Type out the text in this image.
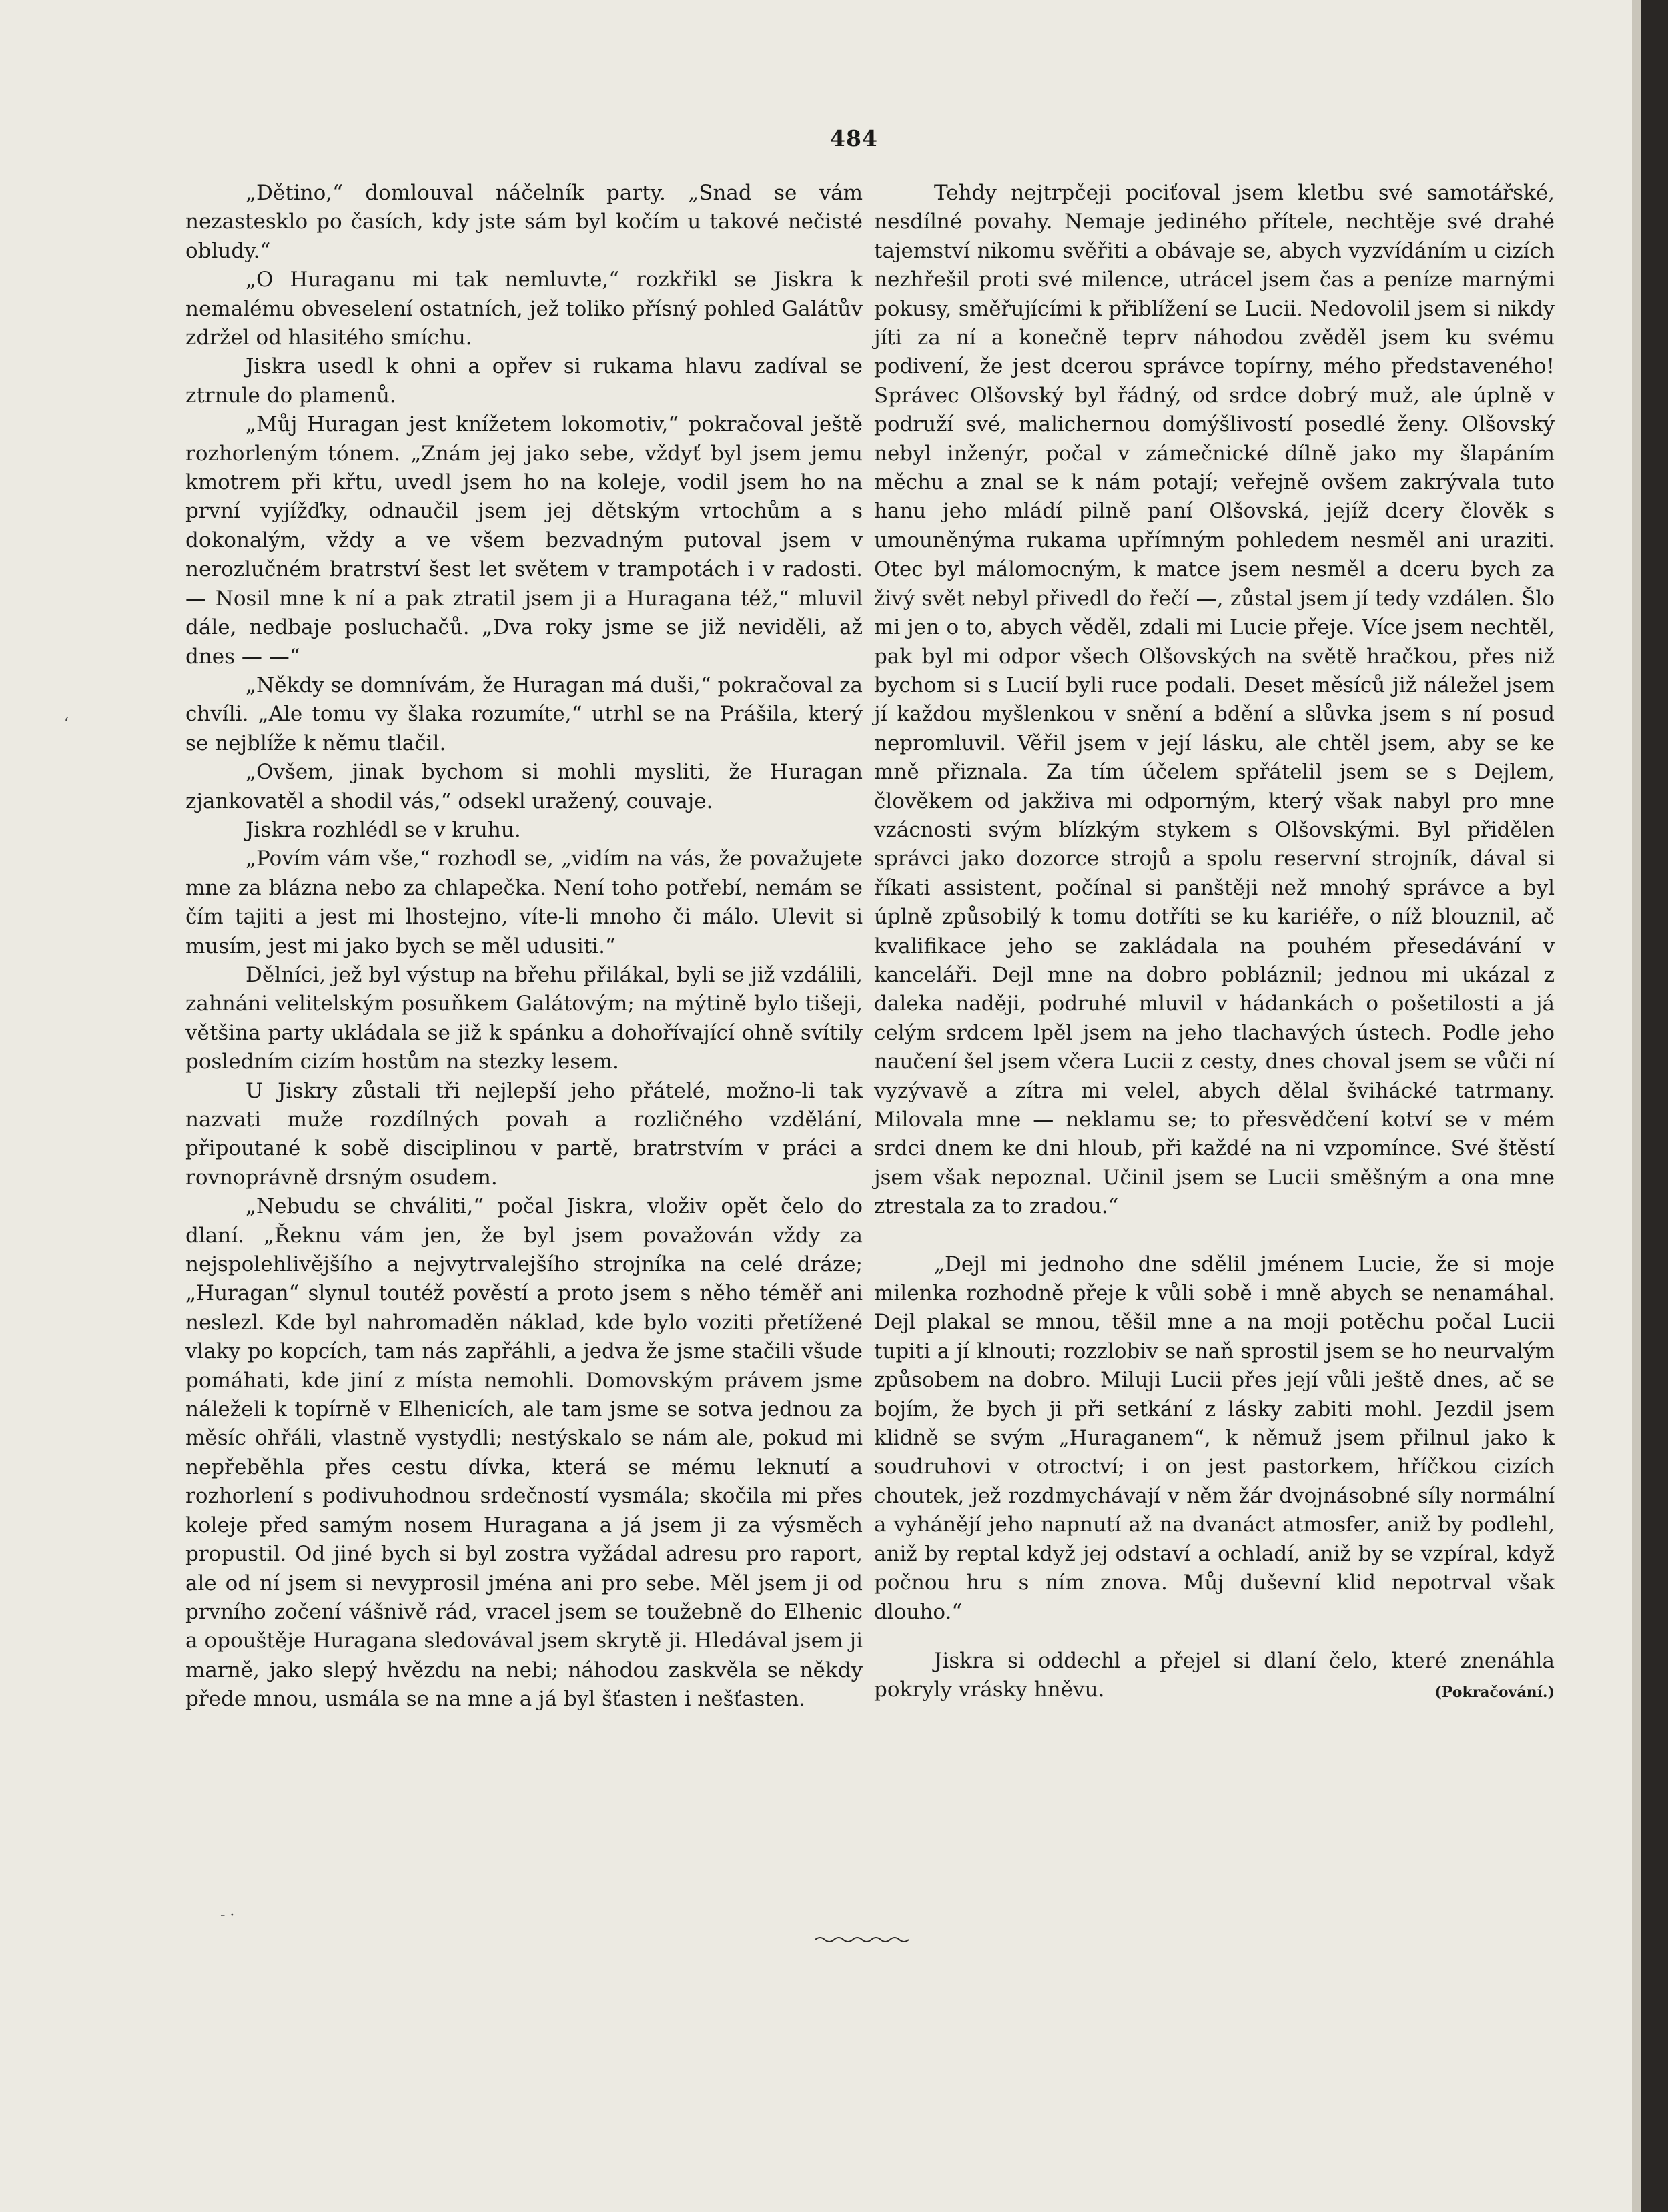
484

„Dětino,“ domlouval náčelník party. „Snad se vám nezastesklo po časích, kdy jste sám byl kočím u takové nečisté obludy.“

„O Huraganu mi tak nemluvte,“ rozkřikl se Jiskra k nemalému obveselení ostatních, jež toliko přísný pohled Galátův zdržel od hlasitého smíchu.

Jiskra usedl k ohni a opřev si rukama hlavu zadíval se ztrnule do plamenů.

„Můj Huragan jest knížetem lokomotiv,“ pokračoval ještě rozhorleným tónem. „Znám jej jako sebe, vždyť byl jsem jemu kmotrem při křtu, uvedl jsem ho na koleje, vodil jsem ho na první vyjížďky, odnaučil jsem jej dětským vrtochům a s dokonalým, vždy a ve všem bezvadným putoval jsem v nerozlučném bratrství šest let světem v trampotách i v radosti. — Nosil mne k ní a pak ztratil jsem ji a Huragana též,“ mluvil dále, nedbaje posluchačů. „Dva roky jsme se již neviděli, až dnes — —“

„Někdy se domnívám, že Huragan má duši,“ pokračoval za chvíli. „Ale tomu vy šlaka rozumíte,“ utrhl se na Prášila, který se nejblíže k němu tlačil.

„Ovšem, jinak bychom si mohli mysliti, že Huragan zjankovatěl a shodil vás,“ odsekl uražený, couvaje.

Jiskra rozhlédl se v kruhu.

„Povím vám vše,“ rozhodl se, „vidím na vás, že považujete mne za blázna nebo za chlapečka. Není toho potřebí, nemám se čím tajiti a jest mi lhostejno, víte-li mnoho či málo. Ulevit si musím, jest mi jako bych se měl udusiti.“

Dělníci, jež byl výstup na břehu přilákal, byli se již vzdálili, zahnáni velitelským posuňkem Galátovým; na mýtině bylo tišeji, většina party ukládala se již k spánku a dohořívající ohně svítily posledním cizím hostům na stezky lesem.

U Jiskry zůstali tři nejlepší jeho přátelé, možno-li tak nazvati muže rozdílných povah a rozličného vzdělání, připoutané k sobě disciplinou v partě, bratrstvím v práci a rovnoprávně drsným osudem.

„Nebudu se chváliti,“ počal Jiskra, vloživ opět čelo do dlaní. „Řeknu vám jen, že byl jsem považován vždy za nejspolehlivějšího a nejvytrvalejšího strojníka na celé dráze; „Huragan“ slynul toutéž pověstí a proto jsem s něho téměř ani neslezl. Kde byl nahromaděn náklad, kde bylo voziti přetížené vlaky po kopcích, tam nás zapřáhli, a jedva že jsme stačili všude pomáhati, kde jiní z místa nemohli. Domovským právem jsme náleželi k topírně v Elhenicích, ale tam jsme se sotva jednou za měsíc ohřáli, vlastně vystydli; nestýskalo se nám ale, pokud mi nepřeběhla přes cestu dívka, která se mému leknutí a rozhorlení s podivuhodnou srdečností vysmála; skočila mi přes koleje před samým nosem Huragana a já jsem ji za výsměch propustil. Od jiné bych si byl zostra vyžádal adresu pro raport, ale od ní jsem si nevyprosil jména ani pro sebe. Měl jsem ji od prvního zočení vášnivě rád, vracel jsem se toužebně do Elhenic a opouštěje Huragana sledovával jsem skrytě ji. Hledával jsem ji marně, jako slepý hvězdu na nebi; náhodou zaskvěla se někdy přede mnou, usmála se na mne a já byl šťasten i nešťasten.

Tehdy nejtrpčeji pociťoval jsem kletbu své samotářské, nesdílné povahy. Nemaje jediného přítele, nechtěje své drahé tajemství nikomu svěřiti a obávaje se, abych vyzvídáním u cizích nezhřešil proti své milence, utrácel jsem čas a peníze marnými pokusy, směřujícími k přiblížení se Lucii. Nedovolil jsem si nikdy jíti za ní a konečně teprv náhodou zvěděl jsem ku svému podivení, že jest dcerou správce topírny, mého představeného! Správec Olšovský byl řádný, od srdce dobrý muž, ale úplně v podruží své, malichernou domýšlivostí posedlé ženy. Olšovský nebyl inženýr, počal v zámečnické dílně jako my šlapáním měchu a znal se k nám potají; veřejně ovšem zakrývala tuto hanu jeho mládí pilně paní Olšovská, jejíž dcery člověk s umouněnýma rukama upřímným pohledem nesměl ani uraziti. Otec byl málomocným, k matce jsem nesměl a dceru bych za živý svět nebyl přivedl do řečí —, zůstal jsem jí tedy vzdálen. Šlo mi jen o to, abych věděl, zdali mi Lucie přeje. Více jsem nechtěl, pak byl mi odpor všech Olšovských na světě hračkou, přes niž bychom si s Lucií byli ruce podali. Deset měsíců již náležel jsem jí každou myšlenkou v snění a bdění a slůvka jsem s ní posud nepromluvil. Věřil jsem v její lásku, ale chtěl jsem, aby se ke mně přiznala. Za tím účelem spřátelil jsem se s Dejlem, člověkem od jakživa mi odporným, který však nabyl pro mne vzácnosti svým blízkým stykem s Olšovskými. Byl přidělen správci jako dozorce strojů a spolu reservní strojník, dával si říkati assistent, počínal si panštěji než mnohý správce a byl úplně způsobilý k tomu dotříti se ku kariéře, o níž blouznil, ač kvalifikace jeho se zakládala na pouhém přesedávání v kanceláři. Dejl mne na dobro pobláznil; jednou mi ukázal z daleka naději, podruhé mluvil v hádankách o pošetilosti a já celým srdcem lpěl jsem na jeho tlachavých ústech. Podle jeho naučení šel jsem včera Lucii z cesty, dnes choval jsem se vůči ní vyzývavě a zítra mi velel, abych dělal švihácké tatrmany. Milovala mne — neklamu se; to přesvědčení kotví se v mém srdci dnem ke dni hloub, při každé na ni vzpomínce. Své štěstí jsem však nepoznal. Učinil jsem se Lucii směšným a ona mne ztrestala za to zradou.“

„Dejl mi jednoho dne sdělil jménem Lucie, že si moje milenka rozhodně přeje k vůli sobě i mně abych se nenamáhal. Dejl plakal se mnou, těšil mne a na moji potěchu počal Lucii tupiti a jí klnouti; rozzlobiv se naň sprostil jsem se ho neurvalým způsobem na dobro. Miluji Lucii přes její vůli ještě dnes, ač se bojím, že bych ji při setkání z lásky zabiti mohl. Jezdil jsem klidně se svým „Huraganem“, k němuž jsem přilnul jako k soudruhovi v otroctví; i on jest pastorkem, hříčkou cizích choutek, jež rozdmychávají v něm žár dvojnásobné síly normální a vyhánějí jeho napnutí až na dvanáct atmosfer, aniž by podlehl, aniž by reptal když jej odstaví a ochladí, aniž by se vzpíral, když počnou hru s ním znova. Můj duševní klid nepotrval však dlouho.“

Jiskra si oddechl a přejel si dlaní čelo, které znenáhla pokryly vrásky hněvu.	(Pokračování.)

‘
- ·
